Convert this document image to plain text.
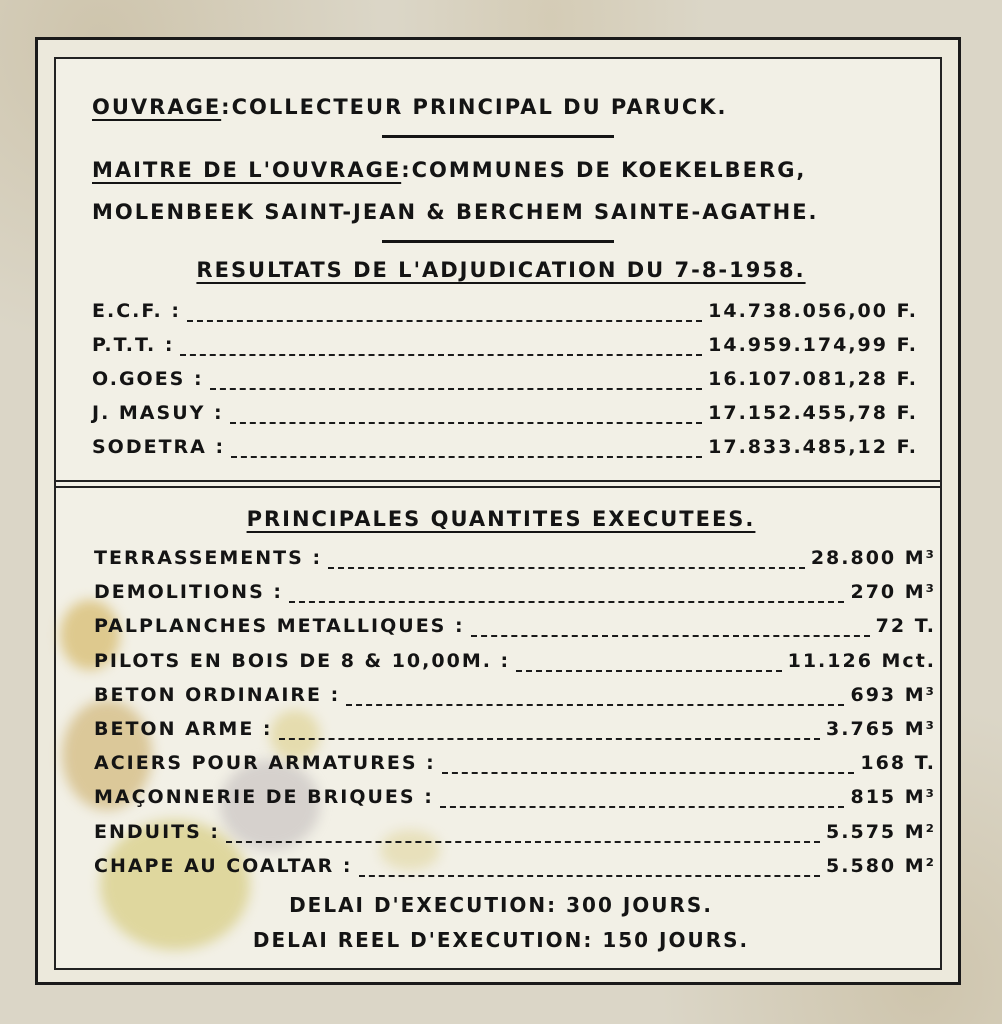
OUVRAGE:COLLECTEUR PRINCIPAL DU PARUCK.
MAITRE DE L'OUVRAGE:COMMUNES DE KOEKELBERG,
MOLENBEEK SAINT-JEAN & BERCHEM SAINTE-AGATHE.
RESULTATS DE L'ADJUDICATION DU 7-8-1958.
E.C.F. :	14.738.056,00 F.
P.T.T. :	14.959.174,99 F.
O.GOES :	16.107.081,28 F.
J. MASUY :	17.152.455,78 F.
SODETRA :	17.833.485,12 F.
PRINCIPALES QUANTITES EXECUTEES.
TERRASSEMENTS :	28.800 M³
DEMOLITIONS :	270 M³
PALPLANCHES METALLIQUES :	72 T.
PILOTS EN BOIS DE 8 & 10,00M. :	11.126 Mct.
BETON ORDINAIRE :	693 M³
BETON ARME :	3.765 M³
ACIERS POUR ARMATURES :	168 T.
MAÇONNERIE DE BRIQUES :	815 M³
ENDUITS :	5.575 M²
CHAPE AU COALTAR :	5.580 M²
DELAI D'EXECUTION: 300 JOURS.
DELAI REEL D'EXECUTION: 150 JOURS.
